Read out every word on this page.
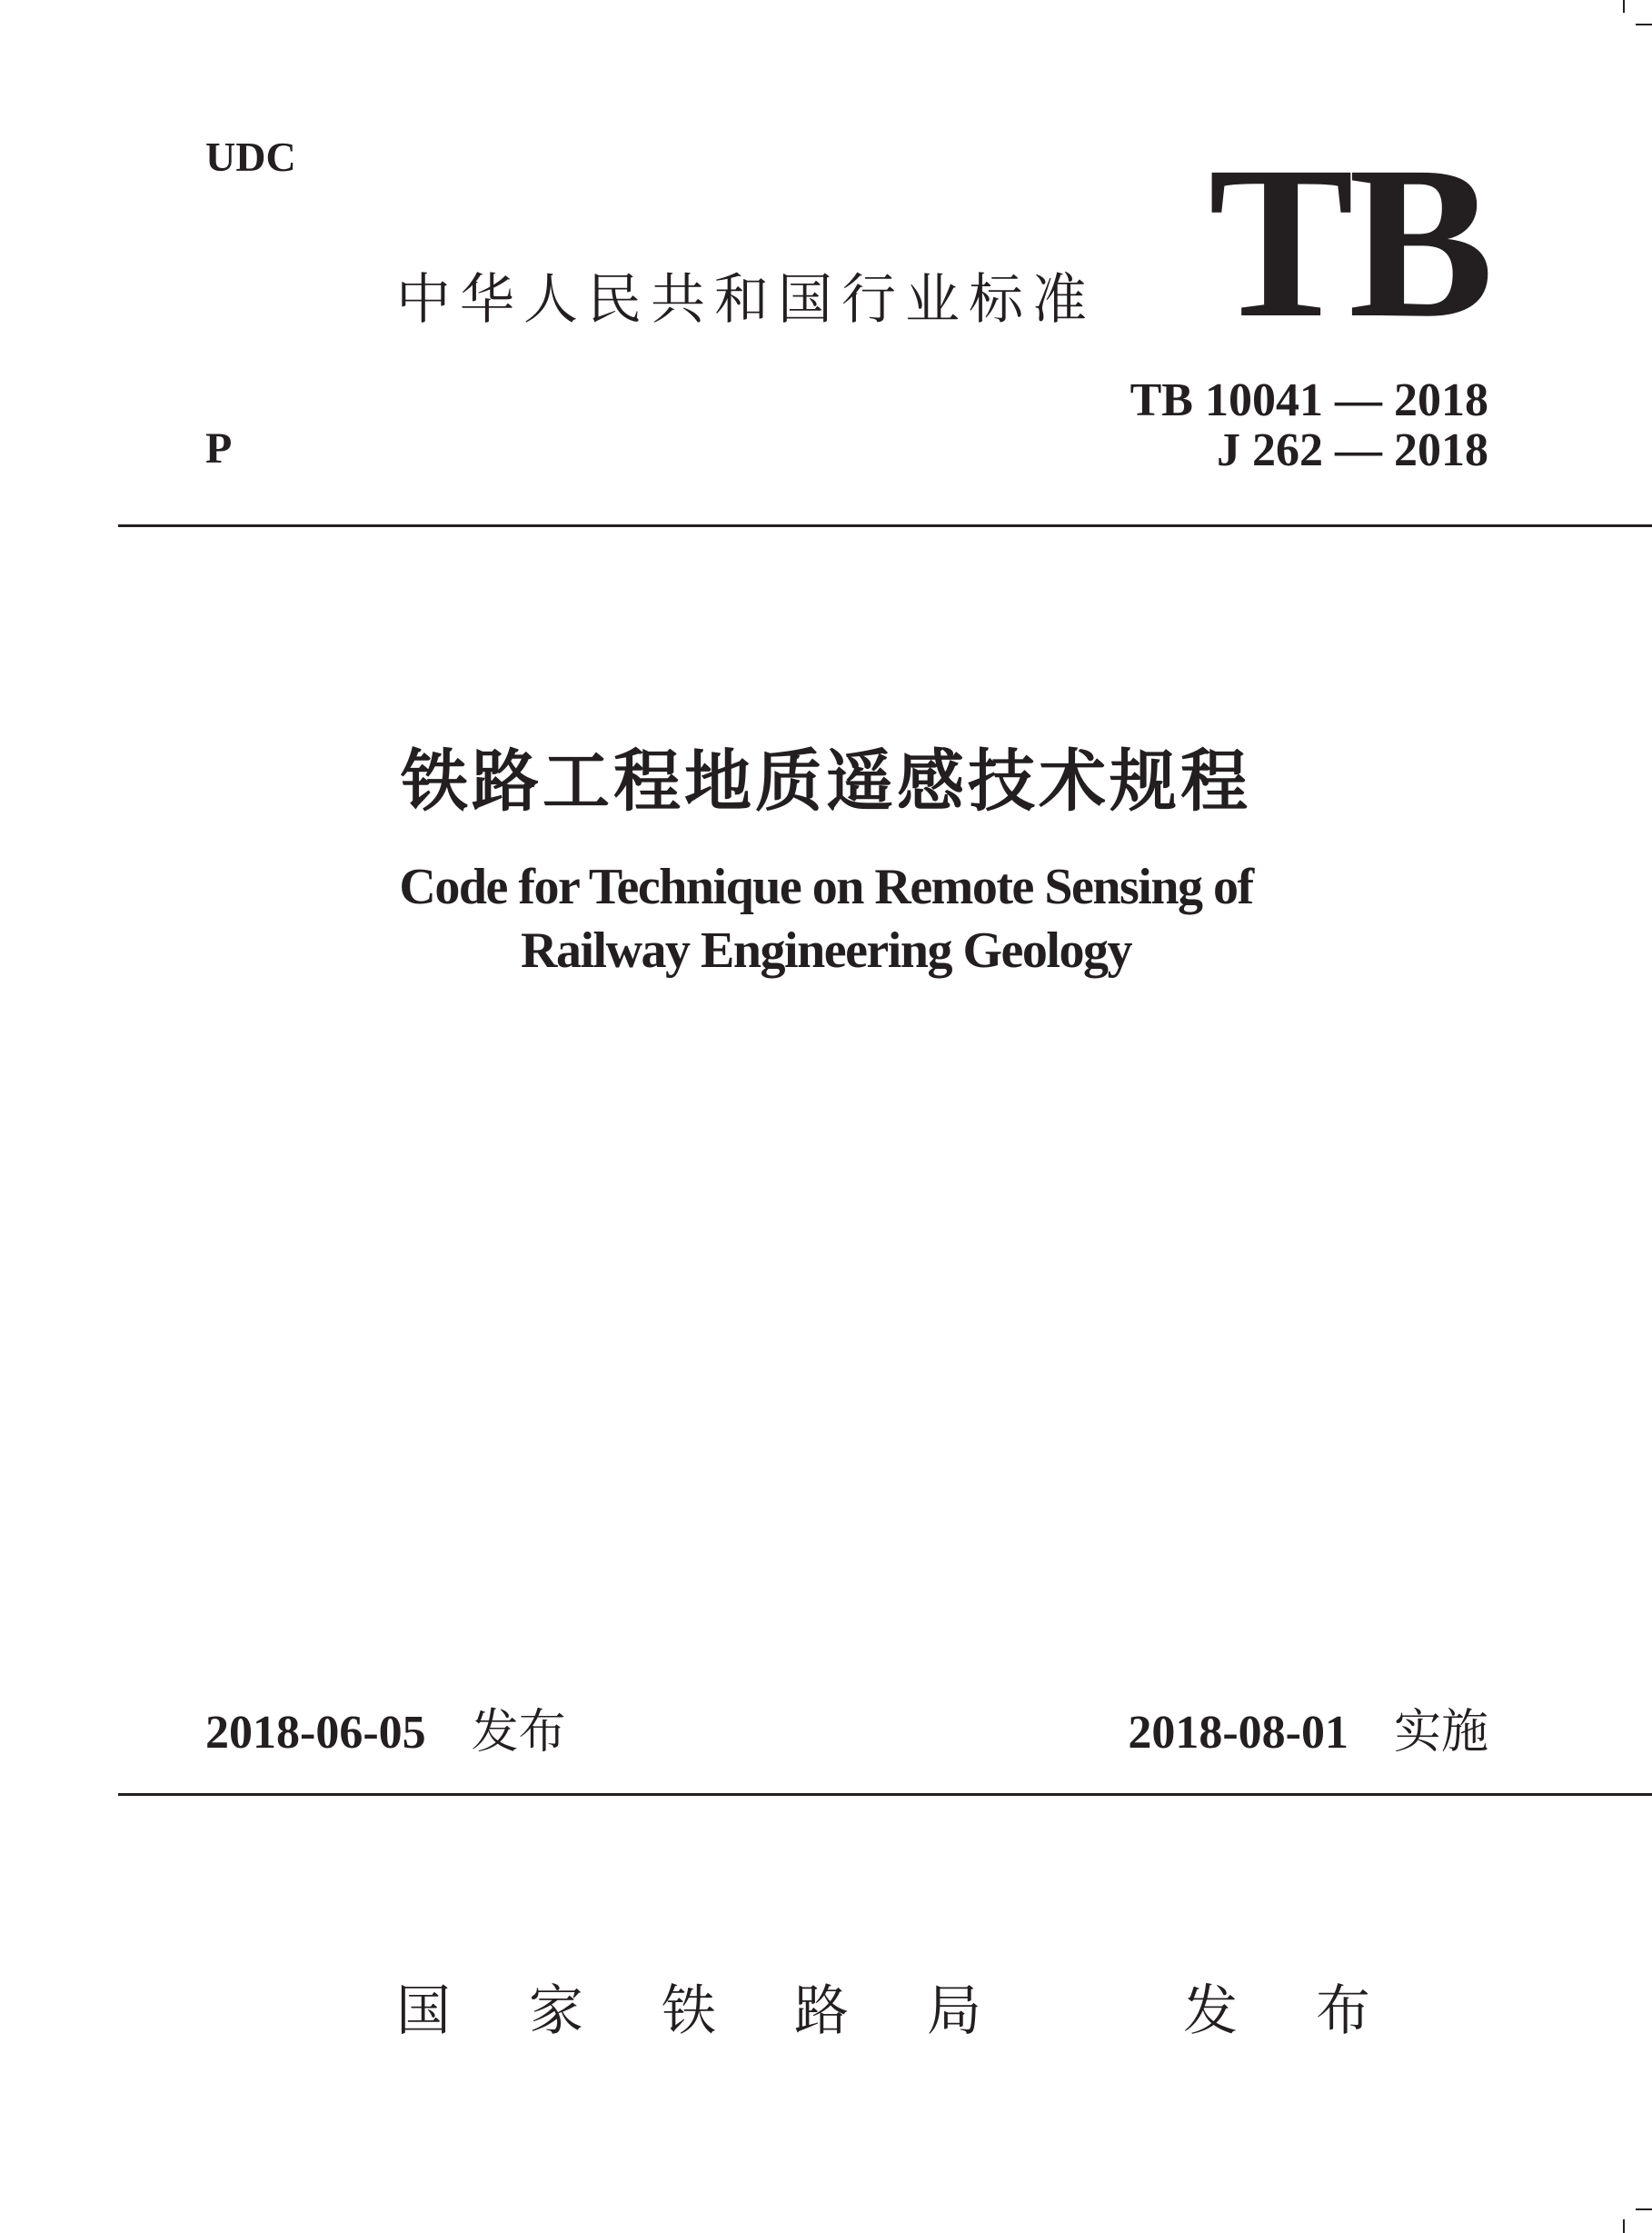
UDC

中华人民共和国行业标准 TB

TB 10041 — 2018

P	J 262 — 2018

铁路工程地质遥感技术规程

Code for Technique on Remote Sensing of

Railway Engineering Geology

2018-06-05 发布	2018-08-01 实施

国家铁路局 发布
